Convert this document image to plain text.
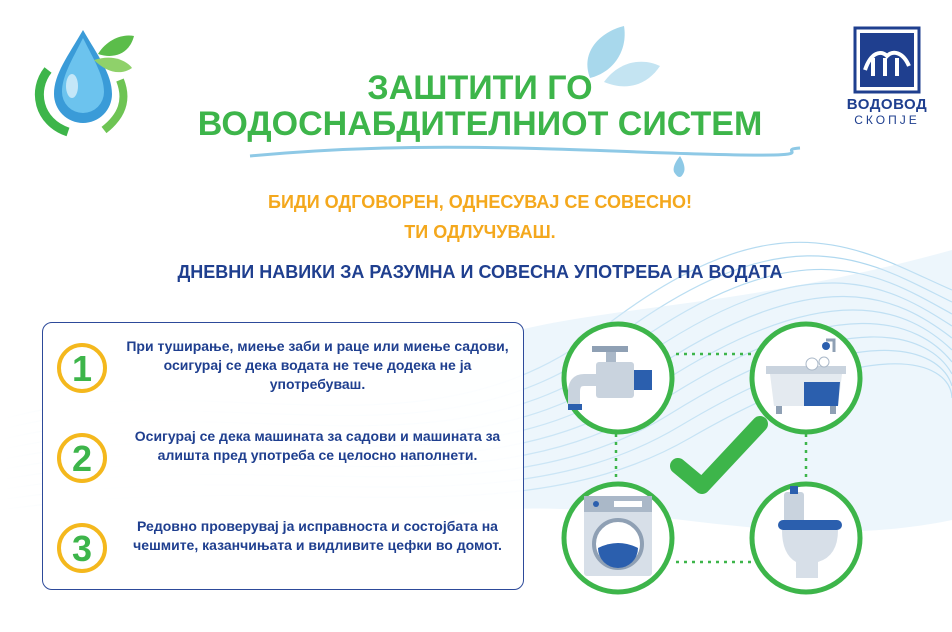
ВОДОВОД
СКОПЈЕ
ЗАШТИТИ ГО
ВОДОСНАБДИТЕЛНИОТ СИСТЕМ
БИДИ ОДГОВОРЕН, ОДНЕСУВАЈ СЕ СОВЕСНО!
ТИ ОДЛУЧУВАШ.
ДНЕВНИ НАВИКИ ЗА РАЗУМНА И СОВЕСНА УПОТРЕБА НА ВОДАТА
1
При туширање, миење заби и раце или миење садови, осигурај се дека водата не тече додека не ја употребуваш.
2
Осигурај се дека машината за садови и машината за алишта пред употреба се целосно наполнети.
3
Редовно проверувај ја исправноста и состојбата на чешмите, казанчињата и видливите цефки во домот.
